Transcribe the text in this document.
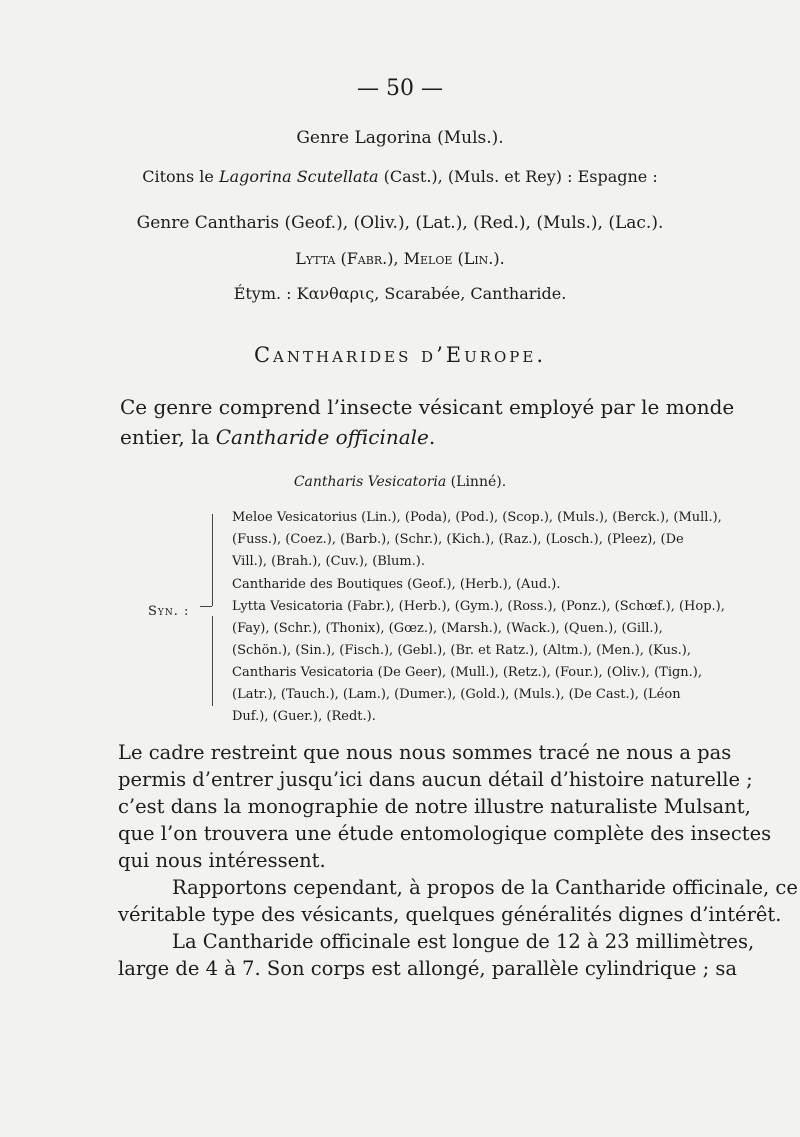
— 50 —
Genre Lagorina (Muls.).
Citons le Lagorina Scutellata (Cast.), (Muls. et Rey) : Espagne :
Genre Cantharis (Geof.), (Oliv.), (Lat.), (Red.), (Muls.), (Lac.).
Lytta (Fabr.), Meloe (Lin.).
Étym. : Κανθαρις, Scarabée, Cantharide.
Cantharides d’Europe.
Ce genre comprend l’insecte vésicant employé par le monde
entier, la Cantharide officinale.
Cantharis Vesicatoria (Linné).
Syn. :
Meloe Vesicatorius (Lin.), (Poda), (Pod.), (Scop.), (Muls.), (Berck.), (Mull.),
(Fuss.), (Coez.), (Barb.), (Schr.), (Kich.), (Raz.), (Losch.), (Pleez), (De
Vill.), (Brah.), (Cuv.), (Blum.).
Cantharide des Boutiques (Geof.), (Herb.), (Aud.).
Lytta Vesicatoria (Fabr.), (Herb.), (Gym.), (Ross.), (Ponz.), (Schœf.), (Hop.),
(Fay), (Schr.), (Thonix), (Gœz.), (Marsh.), (Wack.), (Quen.), (Gill.),
(Schön.), (Sin.), (Fisch.), (Gebl.), (Br. et Ratz.), (Altm.), (Men.), (Kus.),
Cantharis Vesicatoria (De Geer), (Mull.), (Retz.), (Four.), (Oliv.), (Tign.),
(Latr.), (Tauch.), (Lam.), (Dumer.), (Gold.), (Muls.), (De Cast.), (Léon
Duf.), (Guer.), (Redt.).
Le cadre restreint que nous nous sommes tracé ne nous a pas
permis d’entrer jusqu’ici dans aucun détail d’histoire naturelle ;
c’est dans la monographie de notre illustre naturaliste Mulsant,
que l’on trouvera une étude entomologique complète des insectes
qui nous intéressent.
Rapportons cependant, à propos de la Cantharide officinale, ce
véritable type des vésicants, quelques généralités dignes d’intérêt.
La Cantharide officinale est longue de 12 à 23 millimètres,
large de 4 à 7. Son corps est allongé, parallèle cylindrique ; sa
